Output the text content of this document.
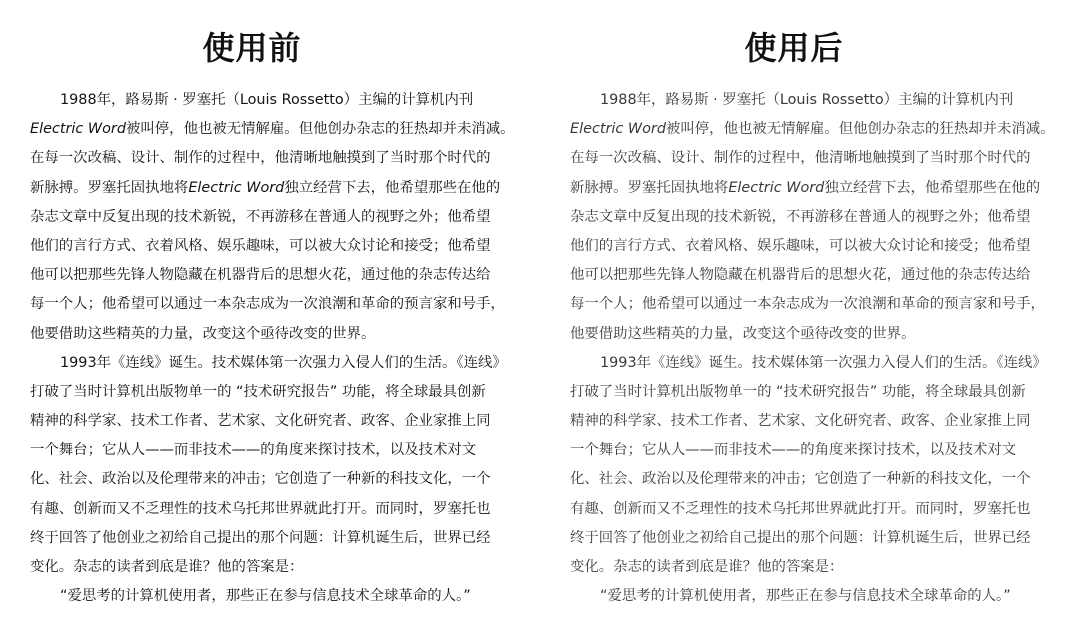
使用前
1988年，路易斯 · 罗塞托（Louis Rossetto）主编的计算机内刊
Electric Word被叫停，他也被无情解雇。但他创办杂志的狂热却并未消减。
在每一次改稿、设计、制作的过程中，他清晰地触摸到了当时那个时代的
新脉搏。罗塞托固执地将Electric Word独立经营下去，他希望那些在他的
杂志文章中反复出现的技术新锐，不再游移在普通人的视野之外；他希望
他们的言行方式、衣着风格、娱乐趣味，可以被大众讨论和接受；他希望
他可以把那些先锋人物隐藏在机器背后的思想火花，通过他的杂志传达给
每一个人；他希望可以通过一本杂志成为一次浪潮和革命的预言家和号手，
他要借助这些精英的力量，改变这个亟待改变的世界。
1993年《连线》诞生。技术媒体第一次强力入侵人们的生活。《连线》
打破了当时计算机出版物单一的 “技术研究报告” 功能，将全球最具创新
精神的科学家、技术工作者、艺术家、文化研究者、政客、企业家推上同
一个舞台；它从人——而非技术——的角度来探讨技术，以及技术对文
化、社会、政治以及伦理带来的冲击；它创造了一种新的科技文化，一个
有趣、创新而又不乏理性的技术乌托邦世界就此打开。而同时，罗塞托也
终于回答了他创业之初给自己提出的那个问题：计算机诞生后，世界已经
变化。杂志的读者到底是谁？他的答案是：
“爱思考的计算机使用者，那些正在参与信息技术全球革命的人。”
使用后
1988年，路易斯 · 罗塞托（Louis Rossetto）主编的计算机内刊
Electric Word被叫停，他也被无情解雇。但他创办杂志的狂热却并未消减。
在每一次改稿、设计、制作的过程中，他清晰地触摸到了当时那个时代的
新脉搏。罗塞托固执地将Electric Word独立经营下去，他希望那些在他的
杂志文章中反复出现的技术新锐，不再游移在普通人的视野之外；他希望
他们的言行方式、衣着风格、娱乐趣味，可以被大众讨论和接受；他希望
他可以把那些先锋人物隐藏在机器背后的思想火花，通过他的杂志传达给
每一个人；他希望可以通过一本杂志成为一次浪潮和革命的预言家和号手，
他要借助这些精英的力量，改变这个亟待改变的世界。
1993年《连线》诞生。技术媒体第一次强力入侵人们的生活。《连线》
打破了当时计算机出版物单一的 “技术研究报告” 功能，将全球最具创新
精神的科学家、技术工作者、艺术家、文化研究者、政客、企业家推上同
一个舞台；它从人——而非技术——的角度来探讨技术，以及技术对文
化、社会、政治以及伦理带来的冲击；它创造了一种新的科技文化，一个
有趣、创新而又不乏理性的技术乌托邦世界就此打开。而同时，罗塞托也
终于回答了他创业之初给自己提出的那个问题：计算机诞生后，世界已经
变化。杂志的读者到底是谁？他的答案是：
“爱思考的计算机使用者，那些正在参与信息技术全球革命的人。”
